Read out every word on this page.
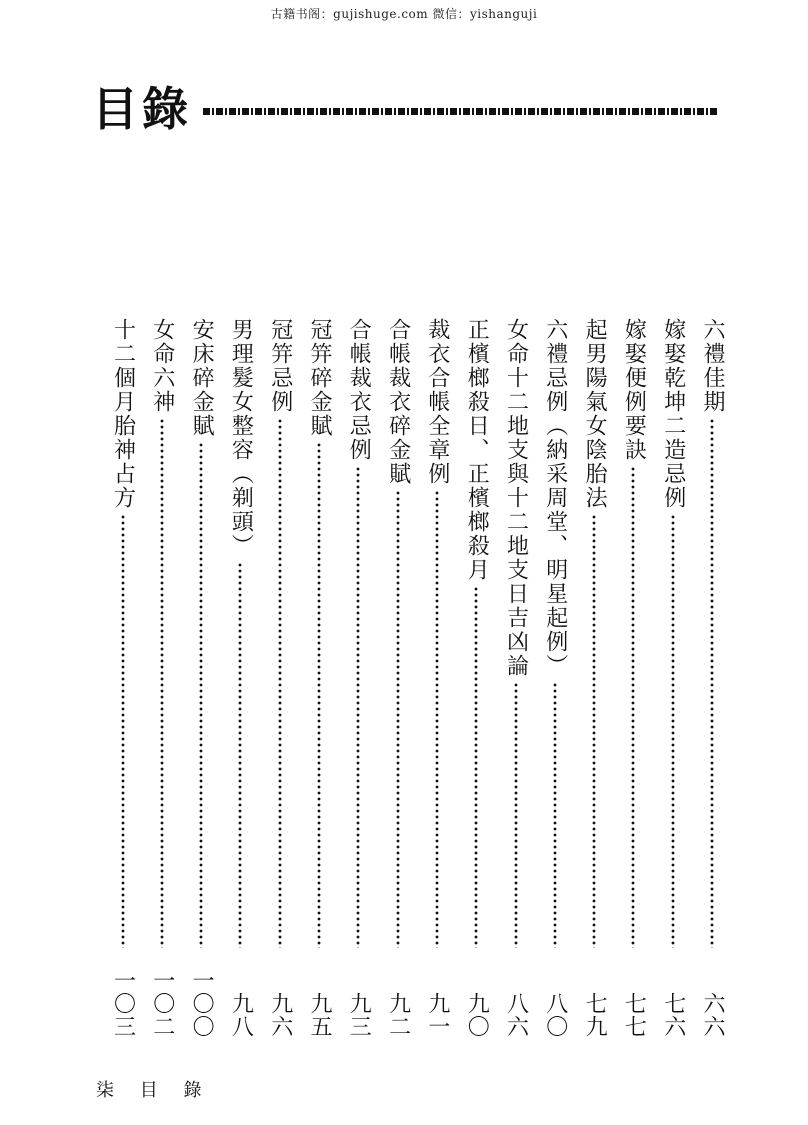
古籍书阁：gujishuge.com 微信：yishanguji
目錄
六禮佳期
六六
嫁娶乾坤二造忌例
七六
嫁娶便例要訣
七七
起男陽氣女陰胎法
七九
六禮忌例（納采周堂、明星起例）
八〇
女命十二地支與十二地支日吉凶論
八六
正檳榔殺日、正檳榔殺月
九〇
裁衣合帳全章例
九一
合帳裁衣碎金賦
九二
合帳裁衣忌例
九三
冠笄碎金賦
九五
冠笄忌例
九六
男理髮女整容（剃頭）
九八
安床碎金賦
一〇〇
女命六神
一〇二
十二個月胎神占方
一〇三
柒 目 錄
